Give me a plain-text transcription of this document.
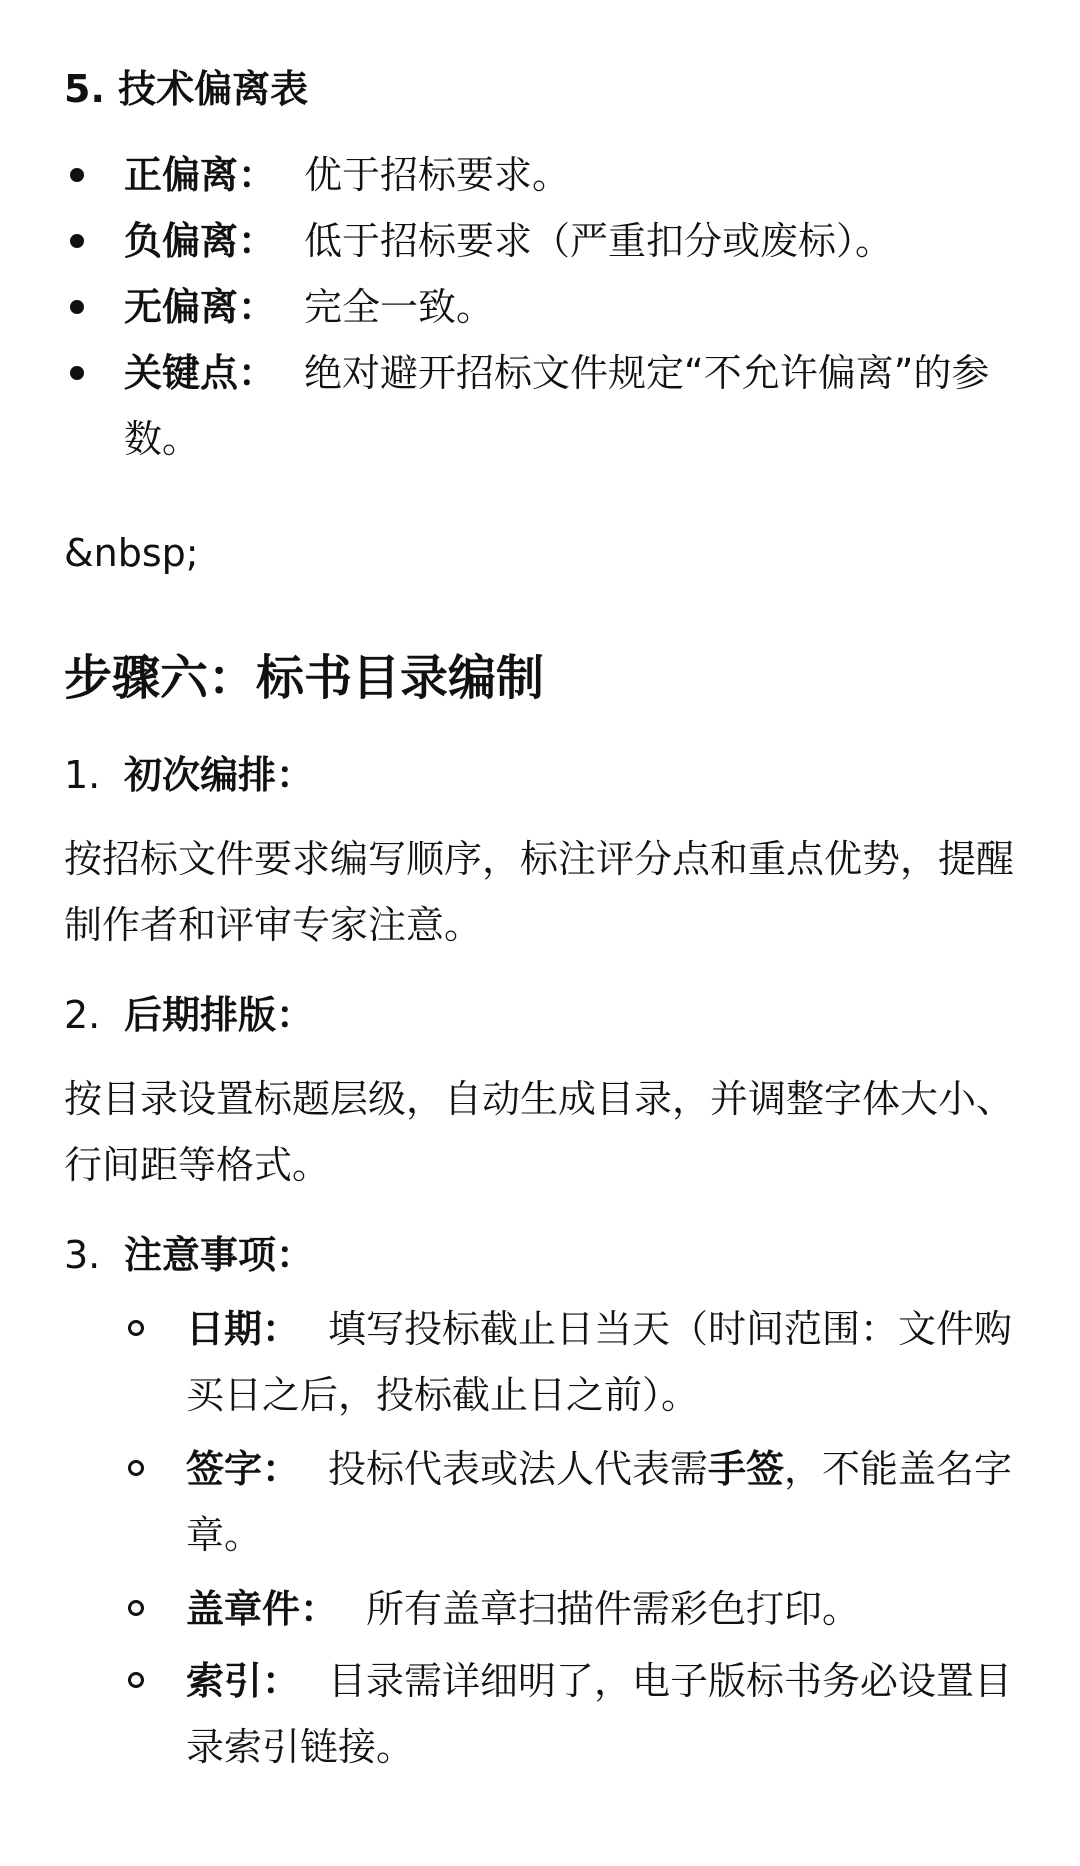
5. 技术偏离表
正偏离： 优于招标要求。
负偏离： 低于招标要求（严重扣分或废标）。
无偏离： 完全一致。
关键点： 绝对避开招标文件规定“不允许偏离”的参数。
&nbsp;
步骤六：标书目录编制
1. 初次编排：
按招标文件要求编写顺序，标注评分点和重点优势，提醒制作者和评审专家注意。
2. 后期排版：
按目录设置标题层级，自动生成目录，并调整字体大小、行间距等格式。
3. 注意事项：
日期： 填写投标截止日当天（时间范围：文件购买日之后，投标截止日之前）。
签字： 投标代表或法人代表需手签，不能盖名字章。
盖章件： 所有盖章扫描件需彩色打印。
索引： 目录需详细明了，电子版标书务必设置目录索引链接。
